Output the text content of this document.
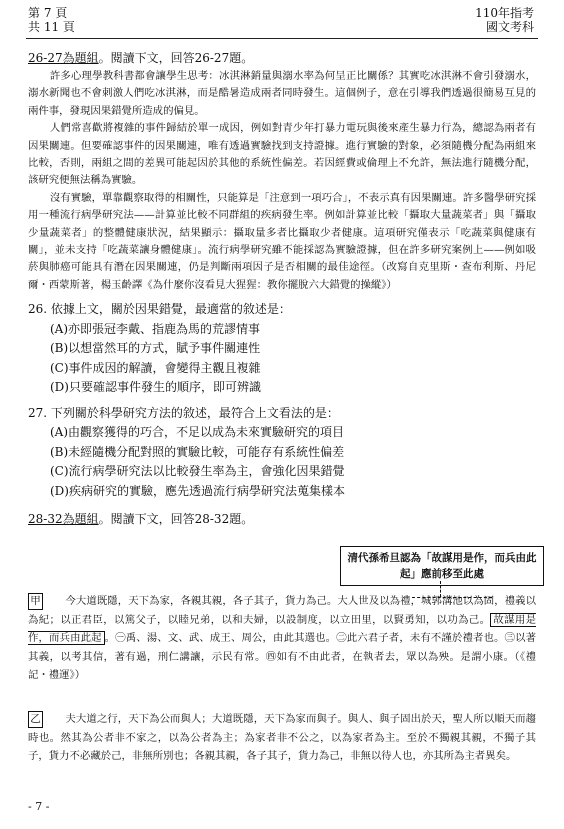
第 7 頁
共 11 頁
110年指考
國文考科

26-27為題組。閱讀下文，回答26-27題。

許多心理學教科書都會讓學生思考：冰淇淋銷量與溺水率為何呈正比關係？其實吃冰淇淋不會引發溺水，溺水新聞也不會刺激人們吃冰淇淋，而是酷暑造成兩者同時發生。這個例子，意在引導我們透過很簡易互見的兩件事，發現因果錯覺所造成的偏見。

人們常喜歡將複雜的事件歸結於單一成因，例如對青少年打暴力電玩與後來產生暴力行為，總認為兩者有因果關連。但要確認事件的因果關連，唯有透過實驗找到支持證據。進行實驗的對象，必須隨機分配為兩組來比較，否則，兩組之間的差異可能起因於其他的系統性偏差。若因經費或倫理上不允許，無法進行隨機分配，該研究便無法稱為實驗。

沒有實驗，單靠觀察取得的相關性，只能算是「注意到一項巧合」，不表示真有因果關連。許多醫學研究採用一種流行病學研究法——計算並比較不同群組的疾病發生率。例如計算並比較「攝取大量蔬菜者」與「攝取少量蔬菜者」的整體健康狀況，結果顯示：攝取量多者比攝取少者健康。這項研究僅表示「吃蔬菜與健康有關」，並未支持「吃蔬菜讓身體健康」。流行病學研究雖不能採認為實驗證據，但在許多研究案例上——例如吸菸與肺癌可能具有潛在因果關連，仍是判斷兩項因子是否相關的最佳途徑。（改寫自克里斯・查布利斯、丹尼爾・西蒙斯著，楊玉齡譯《為什麼你沒看見大猩猩：教你擺脫六大錯覺的操縱》）

26. 依據上文，關於因果錯覺，最適當的敘述是：

(A)亦即張冠李戴、指鹿為馬的荒謬情事

(B)以想當然耳的方式，賦予事件關連性

(C)事件成因的解讀，會變得主觀且複雜

(D)只要確認事件發生的順序，即可辨識

27. 下列關於科學研究方法的敘述，最符合上文看法的是：

(A)由觀察獲得的巧合，不足以成為未來實驗研究的項目

(B)未經隨機分配對照的實驗比較，可能存有系統性偏差

(C)流行病學研究法以比較發生率為主，會強化因果錯覺

(D)疾病研究的實驗，應先透過流行病學研究法蒐集樣本

28-32為題組。閱讀下文，回答28-32題。

清代孫希旦認為「故謀用是作，而兵由此起」應前移至此處
甲	今大道既隱，天下為家，各親其親，各子其子，貨力為己。大人世及以為禮，城郭溝池以為固，禮義以為紀；以正君臣，以篤父子，以睦兄弟，以和夫婦，以設制度，以立田里，以賢勇知，以功為己。 故謀用是作，而兵由此起 。㊀禹、湯、文、武、成王、周公，由此其選也。㊁此六君子者，未有不謹於禮者也。㊂以著其義，以考其信，著有過，刑仁講讓，示民有常。㊃如有不由此者，在執者去，眾以為殃。是謂小康。（《禮記・禮運》）

乙	夫大道之行，天下為公而與人；大道既隱，天下為家而與子。與人、與子固出於天，聖人所以順天而趨時也。然其為公者非不家之，以為公者為主；為家者非不公之，以為家者為主。至於不獨親其親，不獨子其子，貨力不必藏於己，非無所別也；各親其親，各子其子，貨力為己，非無以待人也，亦其所為主者異矣。

- 7 -
